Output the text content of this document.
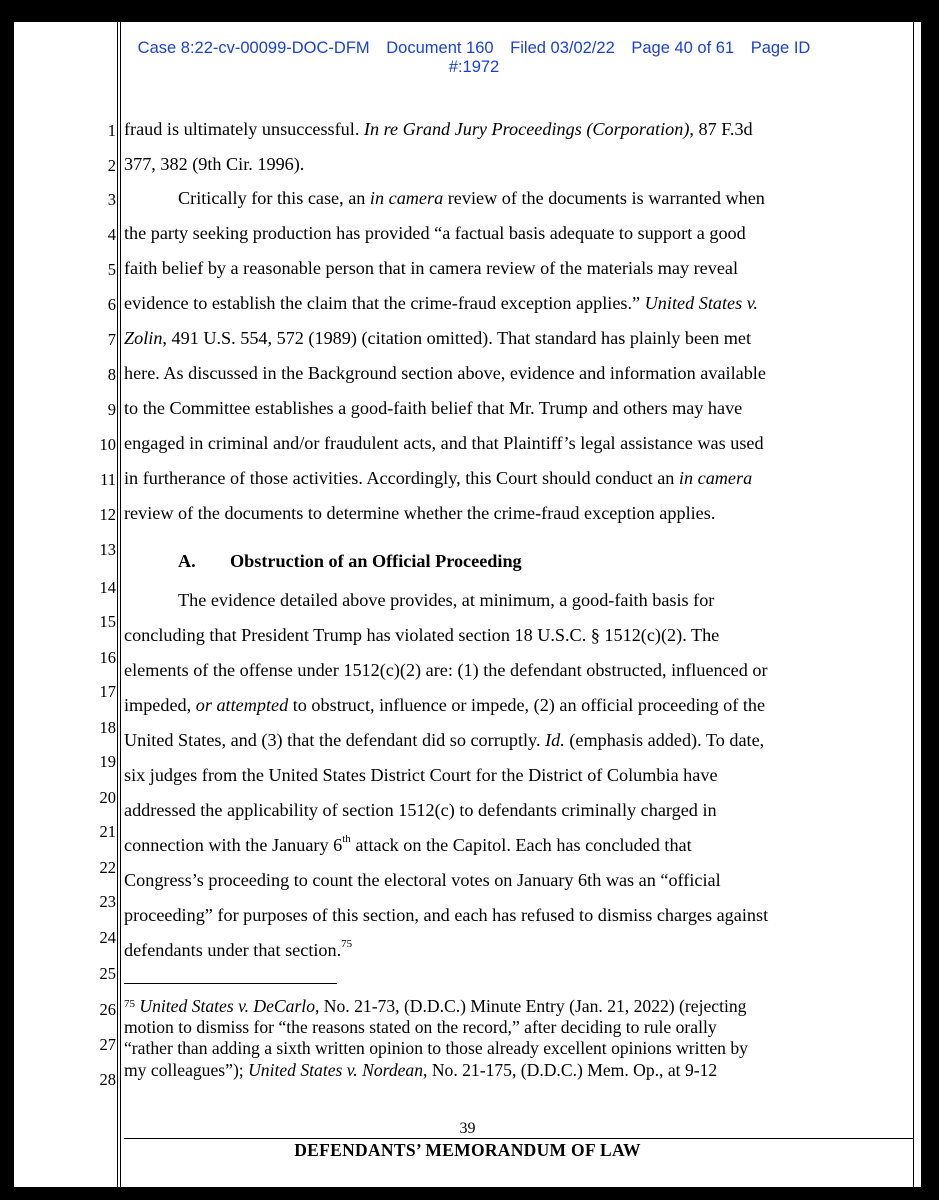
Case 8:22-cv-00099-DOC-DFM Document 160 Filed 03/02/22 Page 40 of 61 Page ID
#:1972
1
2
3
4
5
6
7
8
9
10
11
12
13
14
15
16
17
18
19
20
21
22
23
24
25
26
27
28
fraud is ultimately unsuccessful. In re Grand Jury Proceedings (Corporation), 87 F.3d
377, 382 (9th Cir. 1996).
Critically for this case, an in camera review of the documents is warranted when
the party seeking production has provided “a factual basis adequate to support a good
faith belief by a reasonable person that in camera review of the materials may reveal
evidence to establish the claim that the crime-fraud exception applies.” United States v.
Zolin, 491 U.S. 554, 572 (1989) (citation omitted). That standard has plainly been met
here. As discussed in the Background section above, evidence and information available
to the Committee establishes a good-faith belief that Mr. Trump and others may have
engaged in criminal and/or fraudulent acts, and that Plaintiff’s legal assistance was used
in furtherance of those activities. Accordingly, this Court should conduct an in camera
review of the documents to determine whether the crime-fraud exception applies.
A. Obstruction of an Official Proceeding
The evidence detailed above provides, at minimum, a good-faith basis for
concluding that President Trump has violated section 18 U.S.C. § 1512(c)(2). The
elements of the offense under 1512(c)(2) are: (1) the defendant obstructed, influenced or
impeded, or attempted to obstruct, influence or impede, (2) an official proceeding of the
United States, and (3) that the defendant did so corruptly. Id. (emphasis added). To date,
six judges from the United States District Court for the District of Columbia have
addressed the applicability of section 1512(c) to defendants criminally charged in
connection with the January 6th attack on the Capitol. Each has concluded that
Congress’s proceeding to count the electoral votes on January 6th was an “official
proceeding” for purposes of this section, and each has refused to dismiss charges against
defendants under that section.$^{75}$
$^{75}$ United States v. DeCarlo, No. 21-73, (D.D.C.) Minute Entry (Jan. 21, 2022) (rejecting
motion to dismiss for “the reasons stated on the record,” after deciding to rule orally
“rather than adding a sixth written opinion to those already excellent opinions written by
my colleagues”); United States v. Nordean, No. 21-175, (D.D.C.) Mem. Op., at 9-12
39
DEFENDANTS’ MEMORANDUM OF LAW
